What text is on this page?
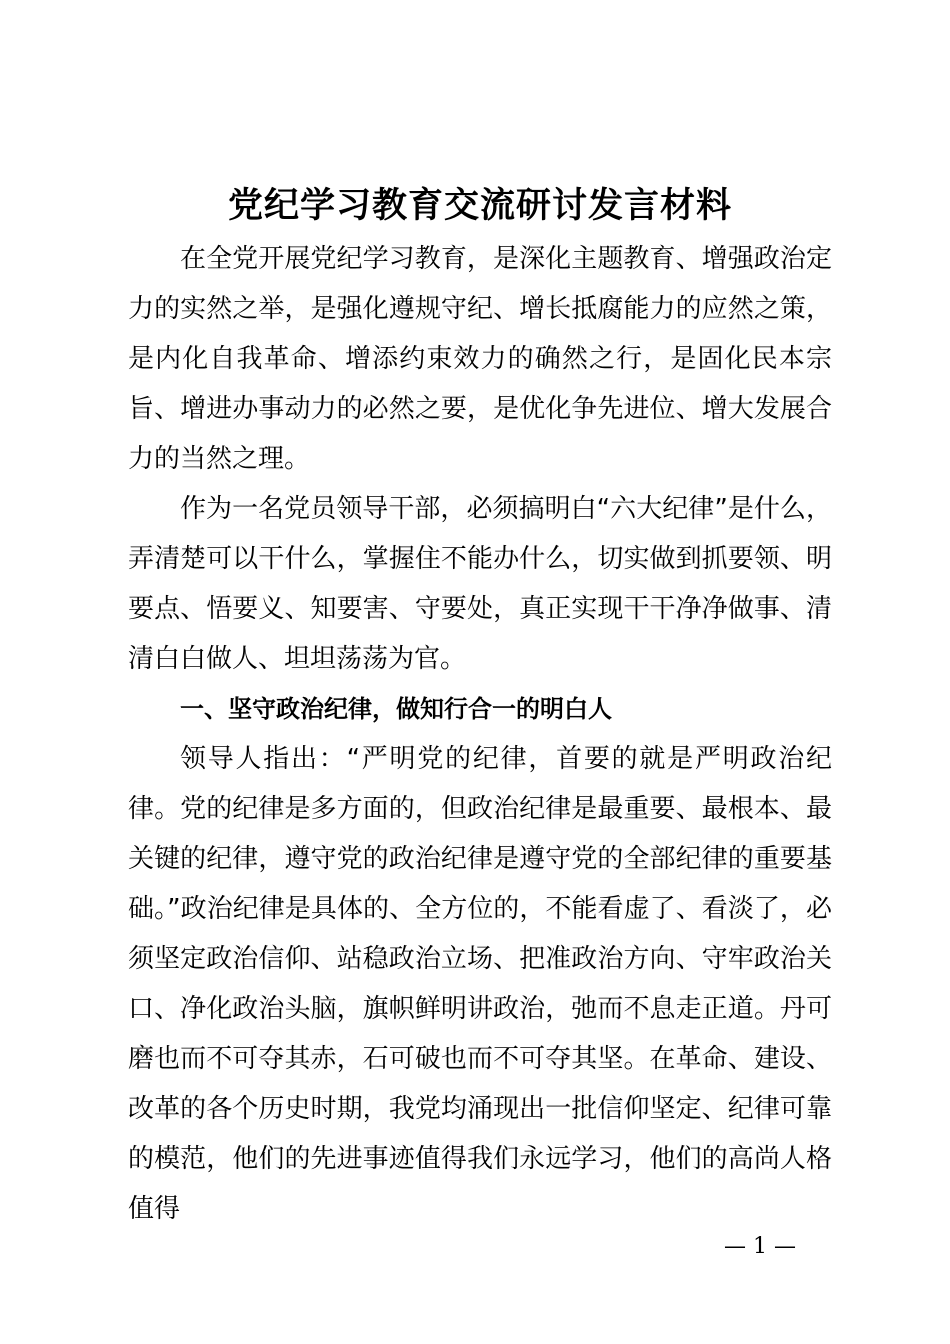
党纪学习教育交流研讨发言材料

在全党开展党纪学习教育，是深化主题教育、增强政治定力的实然之举，是强化遵规守纪、增长抵腐能力的应然之策，是内化自我革命、增添约束效力的确然之行，是固化民本宗旨、增进办事动力的必然之要，是优化争先进位、增大发展合力的当然之理。

作为一名党员领导干部，必须搞明白“六大纪律”是什么，弄清楚可以干什么，掌握住不能办什么，切实做到抓要领、明要点、悟要义、知要害、守要处，真正实现干干净净做事、清清白白做人、坦坦荡荡为官。

一、坚守政治纪律，做知行合一的明白人

领导人指出：“严明党的纪律，首要的就是严明政治纪律。党的纪律是多方面的，但政治纪律是最重要、最根本、最关键的纪律，遵守党的政治纪律是遵守党的全部纪律的重要基础。”政治纪律是具体的、全方位的，不能看虚了、看淡了，必须坚定政治信仰、站稳政治立场、把准政治方向、守牢政治关口、净化政治头脑，旗帜鲜明讲政治，弛而不息走正道。丹可磨也而不可夺其赤，石可破也而不可夺其坚。在革命、建设、改革的各个历史时期，我党均涌现出一批信仰坚定、纪律可靠的模范，他们的先进事迹值得我们永远学习，他们的高尚人格值得

— 1 —
